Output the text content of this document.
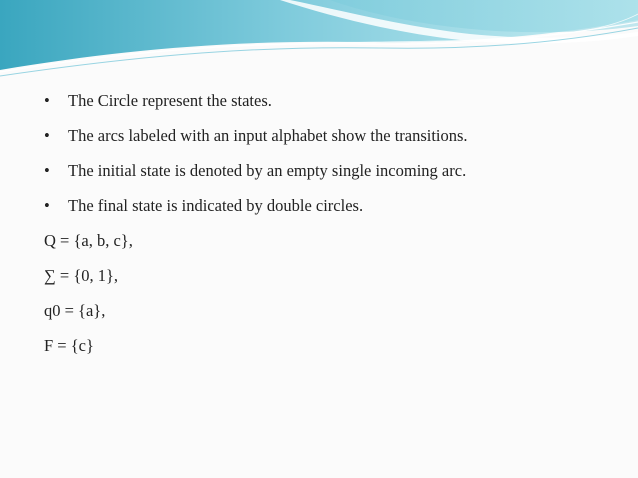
•	The Circle represent the states.
•	The arcs labeled with an input alphabet show the transitions.
•	The initial state is denoted by an empty single incoming arc.
•	The final state is indicated by double circles.
Q = {a, b, c},
∑ = {0, 1},
q0 = {a},
F = {c}
